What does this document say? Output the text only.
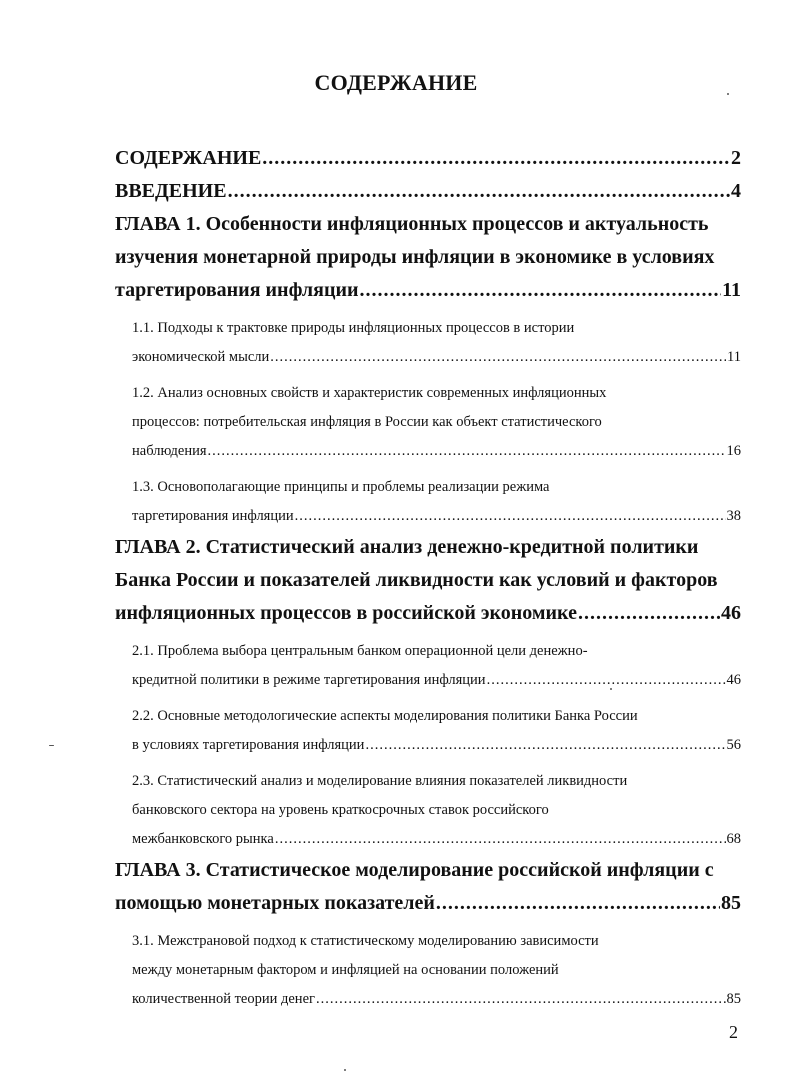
СОДЕРЖАНИЕ
СОДЕРЖАНИЕ .....	2
ВВЕДЕНИЕ .....	4
ГЛАВА 1. Особенности инфляционных процессов и актуальность
изучения монетарной природы инфляции в экономике в условиях
таргетирования инфляции .....	11
1.1. Подходы к трактовке природы инфляционных процессов в истории
экономической мысли .....	11
1.2. Анализ основных свойств и характеристик современных инфляционных
процессов: потребительская инфляция в России как объект статистического
наблюдения .....	16
1.3. Основополагающие принципы и проблемы реализации режима
таргетирования инфляции .....	38
ГЛАВА 2. Статистический анализ денежно-кредитной политики
Банка России и показателей ликвидности как условий и факторов
инфляционных процессов в российской экономике .....	46
2.1. Проблема выбора центральным банком операционной цели денежно-
кредитной политики в режиме таргетирования инфляции .....	46
2.2. Основные методологические аспекты моделирования политики Банка России
в условиях таргетирования инфляции .....	56
2.3. Статистический анализ и моделирование влияния показателей ликвидности
банковского сектора на уровень краткосрочных ставок российского
межбанковского рынка .....	68
ГЛАВА 3. Статистическое моделирование российской инфляции с
помощью монетарных показателей .....	85
3.1. Межстрановой подход к статистическому моделированию зависимости
между монетарным фактором и инфляцией на основании положений
количественной теории денег .....	85
2
